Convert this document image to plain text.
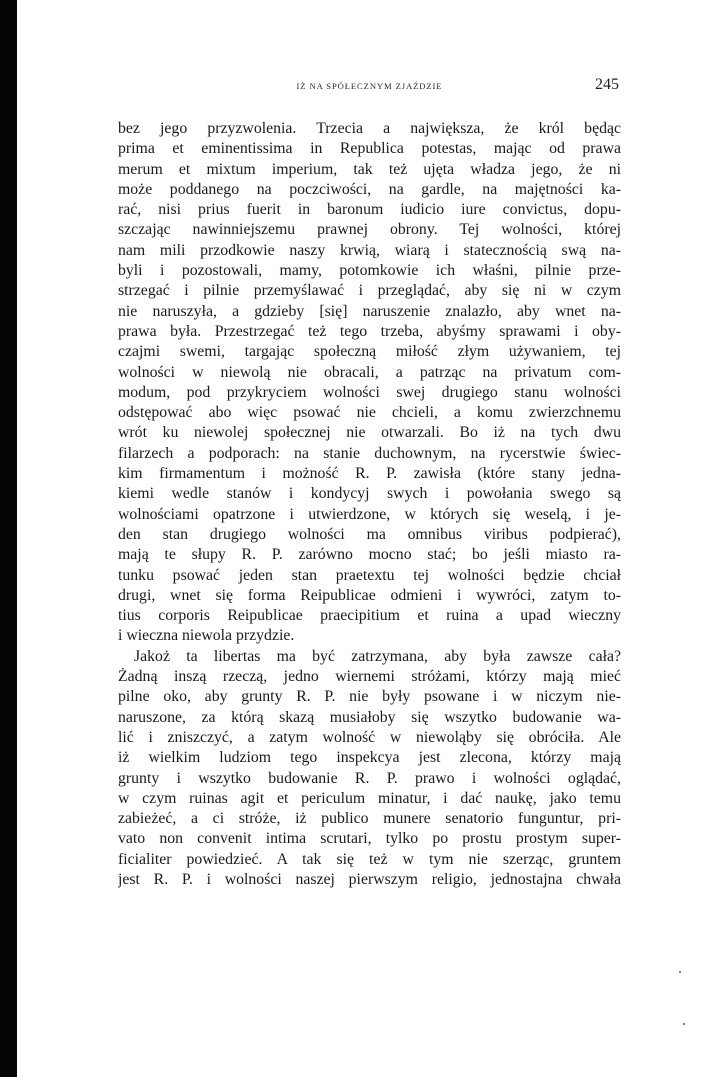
IŻ NA SPÓŁECZNYM ZJAŹDZIE	245
bez jego przyzwolenia. Trzecia a największa, że król będąc
prima et eminentissima in Republica potestas, mając od prawa
merum et mixtum imperium, tak też ujęta władza jego, że ni
może poddanego na poczciwości, na gardle, na majętności ka-
rać, nisi prius fuerit in baronum iudicio iure convictus, dopu-
szczając nawinniejszemu prawnej obrony. Tej wolności, której
nam mili przodkowie naszy krwią, wiarą i statecznością swą na-
byli i pozostowali, mamy, potomkowie ich właśni, pilnie prze-
strzegać i pilnie przemyślawać i przeglądać, aby się ni w czym
nie naruszyła, a gdzieby [się] naruszenie znalazło, aby wnet na-
prawa była. Przestrzegać też tego trzeba, abyśmy sprawami i oby-
czajmi swemi, targając społeczną miłość złym używaniem, tej
wolności w niewolą nie obracali, a patrząc na privatum com-
modum, pod przykryciem wolności swej drugiego stanu wolności
odstępować abo więc psować nie chcieli, a komu zwierzchnemu
wrót ku niewolej społecznej nie otwarzali. Bo iż na tych dwu
filarzech a podporach: na stanie duchownym, na rycerstwie świec-
kim firmamentum i możność R. P. zawisła (które stany jedna-
kiemi wedle stanów i kondycyj swych i powołania swego są
wolnościami opatrzone i utwierdzone, w których się weselą, i je-
den stan drugiego wolności ma omnibus viribus podpierać),
mają te słupy R. P. zarówno mocno stać; bo jeśli miasto ra-
tunku psować jeden stan praetextu tej wolności będzie chciał
drugi, wnet się forma Reipublicae odmieni i wywróci, zatym to-
tius corporis Reipublicae praecipitium et ruina a upad wieczny
i wieczna niewola przydzie.
Jakoż ta libertas ma być zatrzymana, aby była zawsze cała?
Żadną inszą rzeczą, jedno wiernemi stróżami, którzy mają mieć
pilne oko, aby grunty R. P. nie były psowane i w niczym nie-
naruszone, za którą skazą musiałoby się wszytko budowanie wa-
lić i zniszczyć, a zatym wolność w niewoląby się obróciła. Ale
iż wielkim ludziom tego inspekcya jest zlecona, którzy mają
grunty i wszytko budowanie R. P. prawo i wolności oglądać,
w czym ruinas agit et periculum minatur, i dać naukę, jako temu
zabieżeć, a ci stróże, iż publico munere senatorio funguntur, pri-
vato non convenit intima scrutari, tylko po prostu prostym super-
ficialiter powiedzieć. A tak się też w tym nie szerząc, gruntem
jest R. P. i wolności naszej pierwszym religio, jednostajna chwała
